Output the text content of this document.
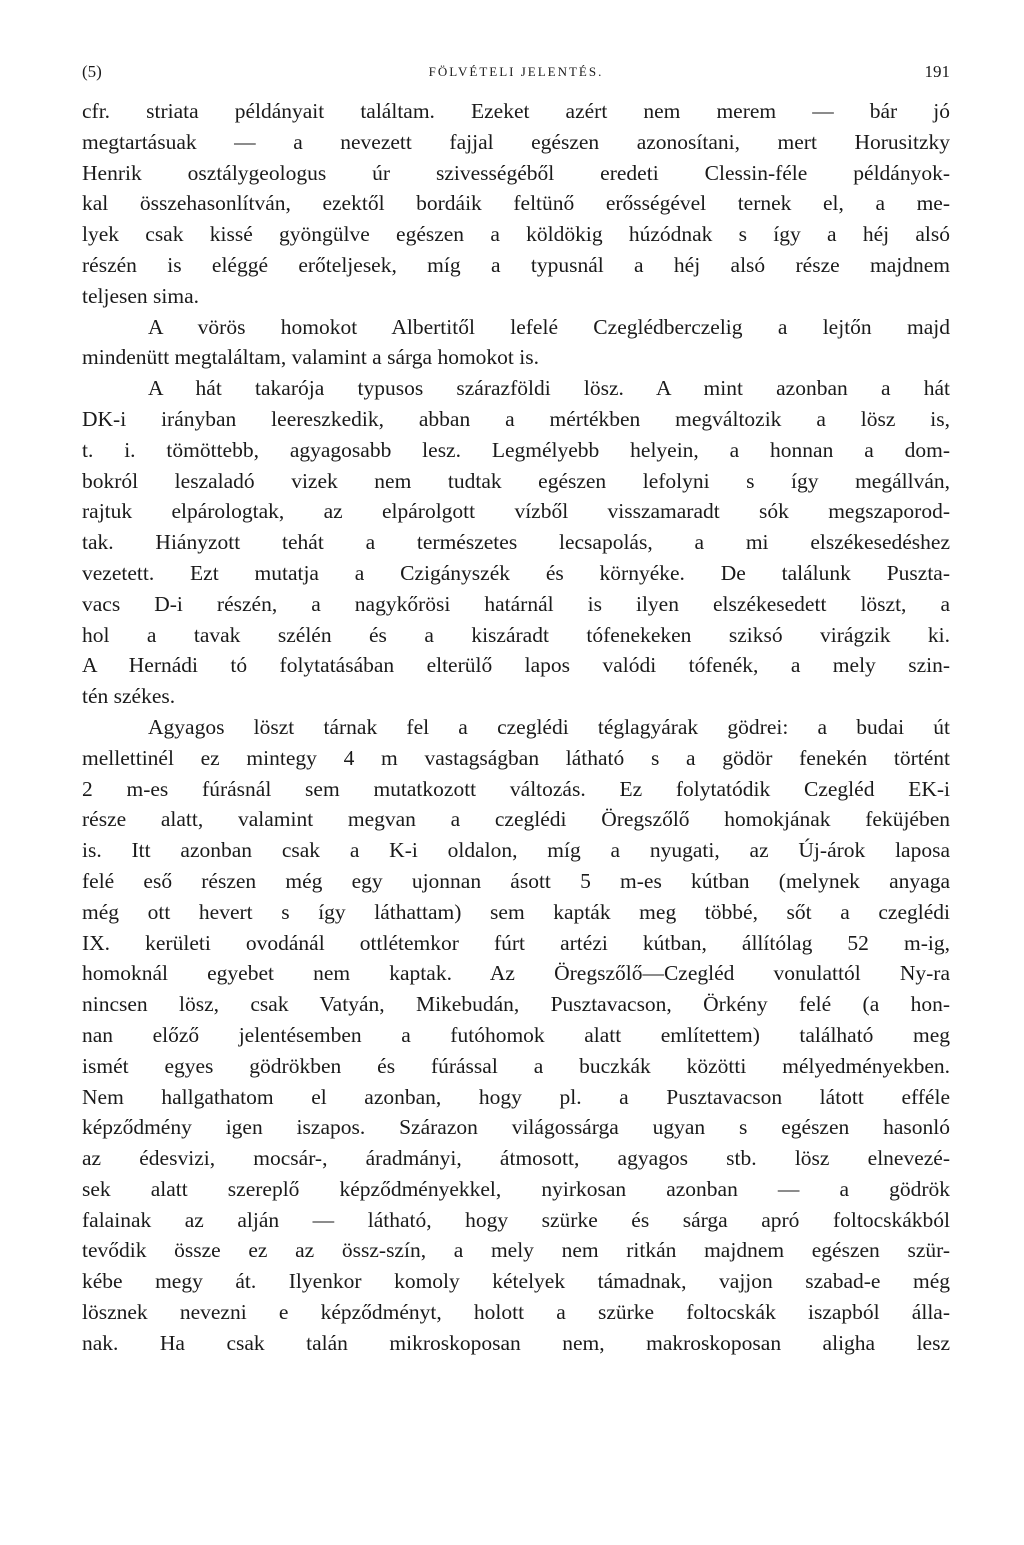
(5)	FÖLVÉTELI JELENTÉS.	191
cfr. striata példányait találtam. Ezeket azért nem merem — bár jó
megtartásuak — a nevezett fajjal egészen azonosítani, mert Horusitzky
Henrik osztálygeologus úr szivességéből eredeti Clessin-féle példányok-
kal összehasonlítván, ezektől bordáik feltünő erősségével ternek el, a me-
lyek csak kissé gyöngülve egészen a köldökig húzódnak s így a héj alsó
részén is eléggé erőteljesek, míg a typusnál a héj alsó része majdnem
teljesen sima.
A vörös homokot Albertitől lefelé Czeglédberczelig a lejtőn majd
mindenütt megtaláltam, valamint a sárga homokot is.
A hát takarója typusos szárazföldi lösz. A mint azonban a hát
DK-i irányban leereszkedik, abban a mértékben megváltozik a lösz is,
t. i. tömöttebb, agyagosabb lesz. Legmélyebb helyein, a honnan a dom-
bokról leszaladó vizek nem tudtak egészen lefolyni s így megállván,
rajtuk elpárologtak, az elpárolgott vízből visszamaradt sók megszaporod-
tak. Hiányzott tehát a természetes lecsapolás, a mi elszékesedéshez
vezetett. Ezt mutatja a Czigányszék és környéke. De találunk Puszta-
vacs D-i részén, a nagykőrösi határnál is ilyen elszékesedett löszt, a
hol a tavak szélén és a kiszáradt tófenekeken sziksó virágzik ki.
A Hernádi tó folytatásában elterülő lapos valódi tófenék, a mely szin-
tén székes.
Agyagos löszt tárnak fel a czeglédi téglagyárak gödrei: a budai út
mellettinél ez mintegy 4 m vastagságban látható s a gödör fenekén történt
2 m-es fúrásnál sem mutatkozott változás. Ez folytatódik Czegléd EK-i
része alatt, valamint megvan a czeglédi Öregszőlő homokjának feküjében
is. Itt azonban csak a K-i oldalon, míg a nyugati, az Új-árok laposa
felé eső részen még egy ujonnan ásott 5 m-es kútban (melynek anyaga
még ott hevert s így láthattam) sem kapták meg többé, sőt a czeglédi
IX. kerületi ovodánál ottlétemkor fúrt artézi kútban, állítólag 52 m-ig,
homoknál egyebet nem kaptak. Az Öregszőlő—Czegléd vonulattól Ny-ra
nincsen lösz, csak Vatyán, Mikebudán, Pusztavacson, Örkény felé (a hon-
nan előző jelentésemben a futóhomok alatt említettem) található meg
ismét egyes gödrökben és fúrással a buczkák közötti mélyedményekben.
Nem hallgathatom el azonban, hogy pl. a Pusztavacson látott efféle
képződmény igen iszapos. Szárazon világossárga ugyan s egészen hasonló
az édesvizi, mocsár-, áradmányi, átmosott, agyagos stb. lösz elnevezé-
sek alatt szereplő képződményekkel, nyirkosan azonban — a gödrök
falainak az alján — látható, hogy szürke és sárga apró foltocskákból
tevődik össze ez az össz-szín, a mely nem ritkán majdnem egészen szür-
kébe megy át. Ilyenkor komoly kételyek támadnak, vajjon szabad-e még
lösznek nevezni e képződményt, holott a szürke foltocskák iszapból álla-
nak. Ha csak talán mikroskoposan nem, makroskoposan aligha lesz
